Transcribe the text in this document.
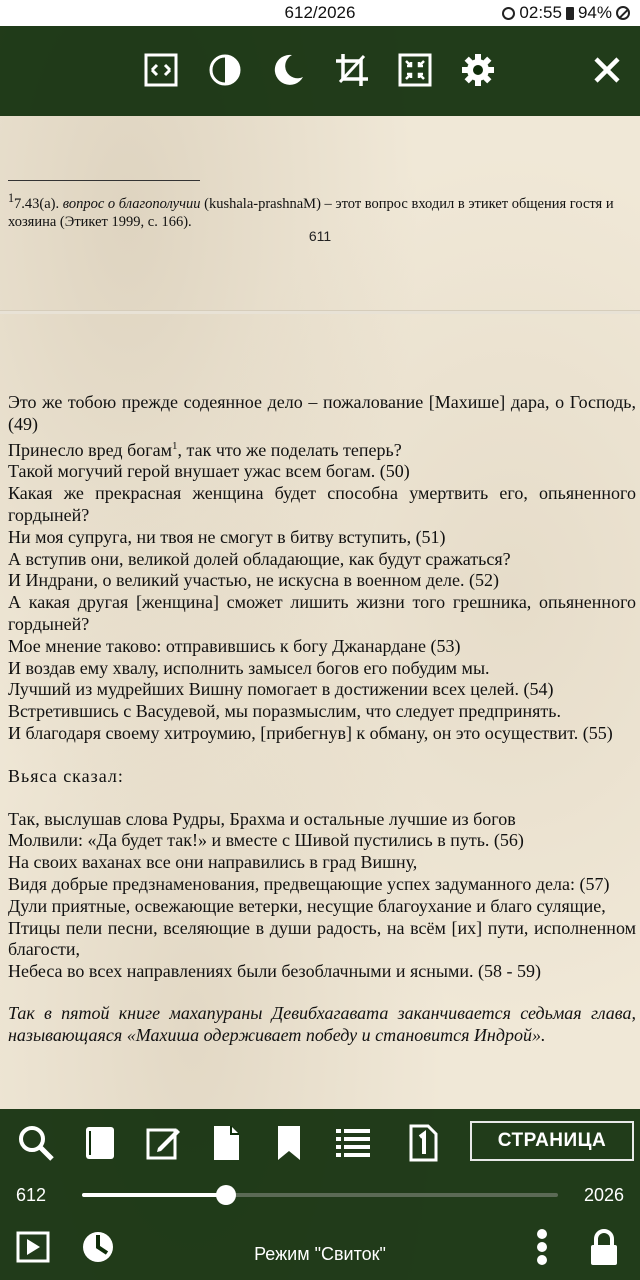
612/2026	02:55 94%
$^1$7.43(а). вопрос о благополучии (kushala-prashnaM) – этот вопрос входил в этикет общения гостя и хозяина (Этикет 1999, с. 166).
611

Это же тобою прежде содеянное дело – пожалование [Махише] дара, о Господь, (49)

Принесло вред богам$^1$, так что же поделать теперь?

Такой могучий герой внушает ужас всем богам. (50)

Какая же прекрасная женщина будет способна умертвить его, опьяненного гордыней?

Ни моя супруга, ни твоя не смогут в битву вступить, (51)

А вступив они, великой долей обладающие, как будут сражаться?

И Индрани, о великий участью, не искусна в военном деле. (52)

А какая другая [женщина] сможет лишить жизни того грешника, опьяненного гордыней?

Мое мнение таково: отправившись к богу Джанардане (53)

И воздав ему хвалу, исполнить замысел богов его побудим мы.

Лучший из мудрейших Вишну помогает в достижении всех целей. (54)

Встретившись с Васудевой, мы поразмыслим, что следует предпринять.

И благодаря своему хитроумию, [прибегнув] к обману, он это осуществит. (55)

Вьяса сказал:

Так, выслушав слова Рудры, Брахма и остальные лучшие из богов

Молвили: «Да будет так!» и вместе с Шивой пустились в путь. (56)

На своих ваханах все они направились в град Вишну,

Видя добрые предзнаменования, предвещающие успех задуманного дела: (57)

Дули приятные, освежающие ветерки, несущие благоухание и благо сулящие,

Птицы пели песни, вселяющие в души радость, на всём [их] пути, исполненном благости,

Небеса во всех направлениях были безоблачными и ясными. (58 - 59)

Так в пятой книге махапураны Девибхагавата заканчивается седьмая глава, называющаяся «Махиша одерживает победу и становится Индрой».

СТРАНИЦА
612	2026
Режим "Свиток"
